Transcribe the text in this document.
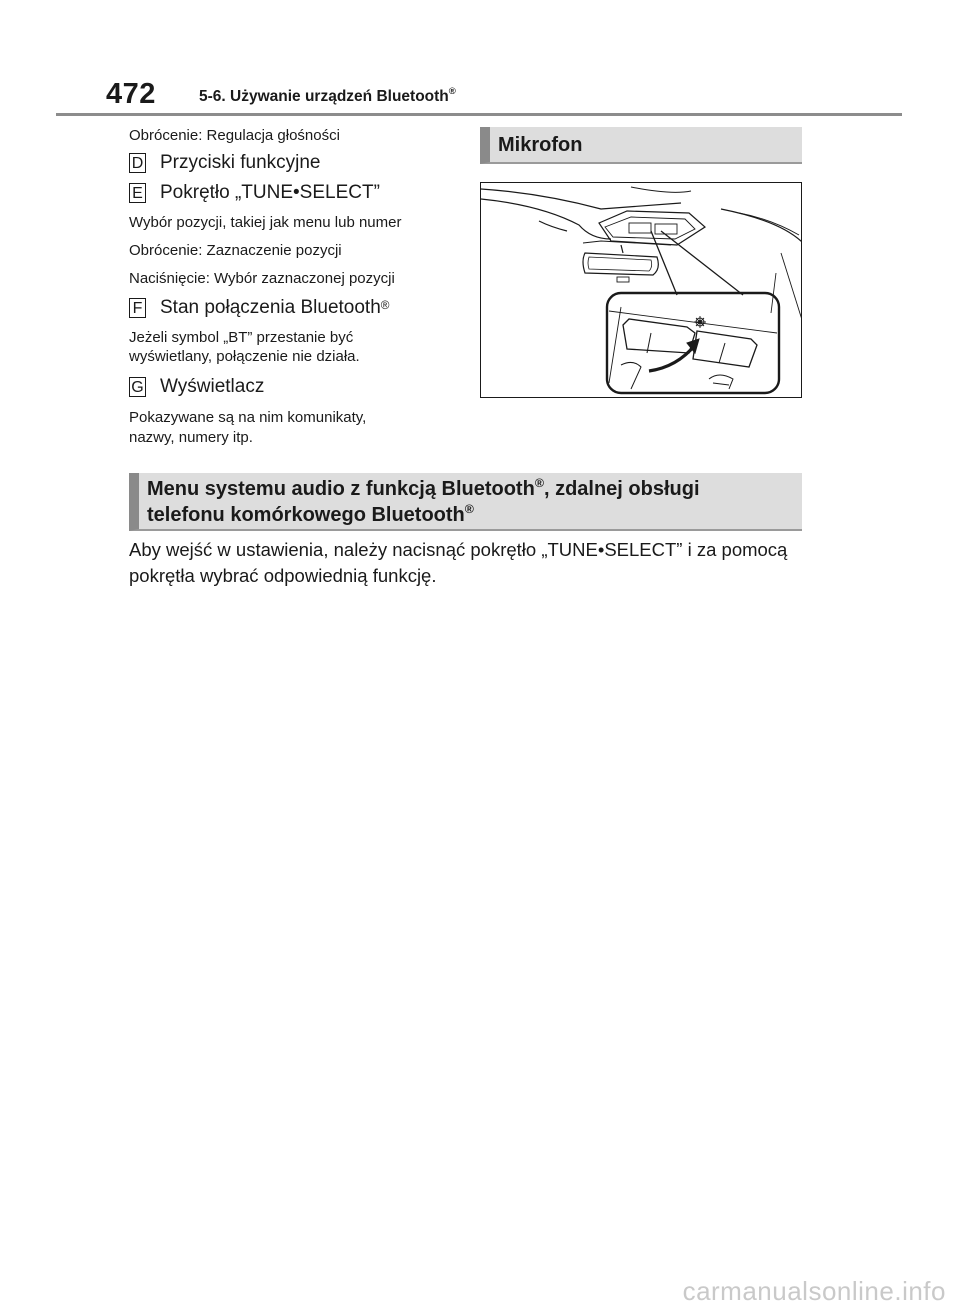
472	5-6. Używanie urządzeń Bluetooth®
Obrócenie: Regulacja głośności
D Przyciski funkcyjne
E Pokrętło „TUNE•SELECT”
Wybór pozycji, takiej jak menu lub numer
Obrócenie: Zaznaczenie pozycji
Naciśnięcie: Wybór zaznaczonej pozycji
F Stan połączenia Bluetooth®
Jeżeli symbol „BT” przestanie być
wyświetlany, połączenie nie działa.
G Wyświetlacz
Pokazywane są na nim komunikaty,
nazwy, numery itp.
Mikrofon
Menu systemu audio z funkcją Bluetooth®, zdalnej obsługi
telefonu komórkowego Bluetooth®
Aby wejść w ustawienia, należy nacisnąć pokrętło „TUNE•SELECT” i za pomocą pokrętła wybrać odpowiednią funkcję.
carmanualsonline.info
